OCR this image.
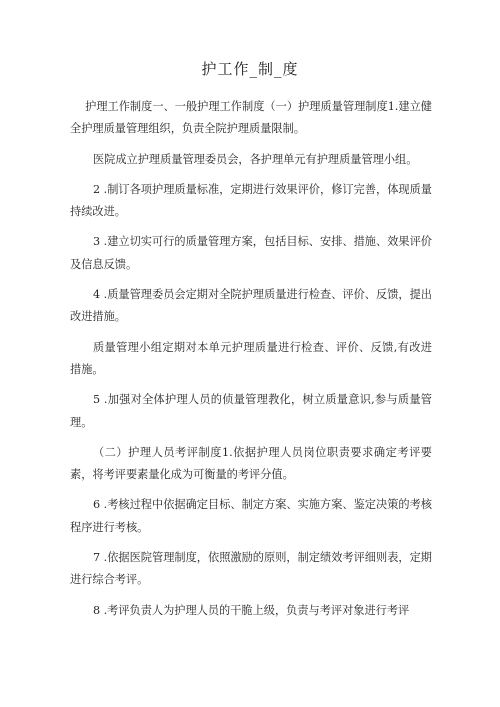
护工作_制_度

护理工作制度一、一般护理工作制度（一）护理质量管理制度1.建立健全护理质量管理组织，负责全院护理质量限制。

医院成立护理质量管理委员会，各护理单元有护理质量管理小组。

2 .制订各项护理质量标准，定期进行效果评价，修订完善，体现质量持续改进。

3 .建立切实可行的质量管理方案，包括目标、安排、措施、效果评价及信息反馈。

4 .质量管理委员会定期对全院护理质量进行检查、评价、反馈，提出改进措施。

质量管理小组定期对本单元护理质量进行检查、评价、反馈,有改进措施。

5 .加强对全体护理人员的侦量管理教化，树立质量意识,参与质量管理。

（二）护理人员考评制度1.依据护理人员岗位职责要求确定考评要素，将考评要素量化成为可衡量的考评分值。

6 .考核过程中依据确定目标、制定方案、实施方案、鉴定决策的考核程序进行考核。

7 .依据医院管理制度，依照激励的原则，制定绩效考评细则表，定期进行综合考评。

8 .考评负责人为护理人员的干脆上级，负责与考评对象进行考评
